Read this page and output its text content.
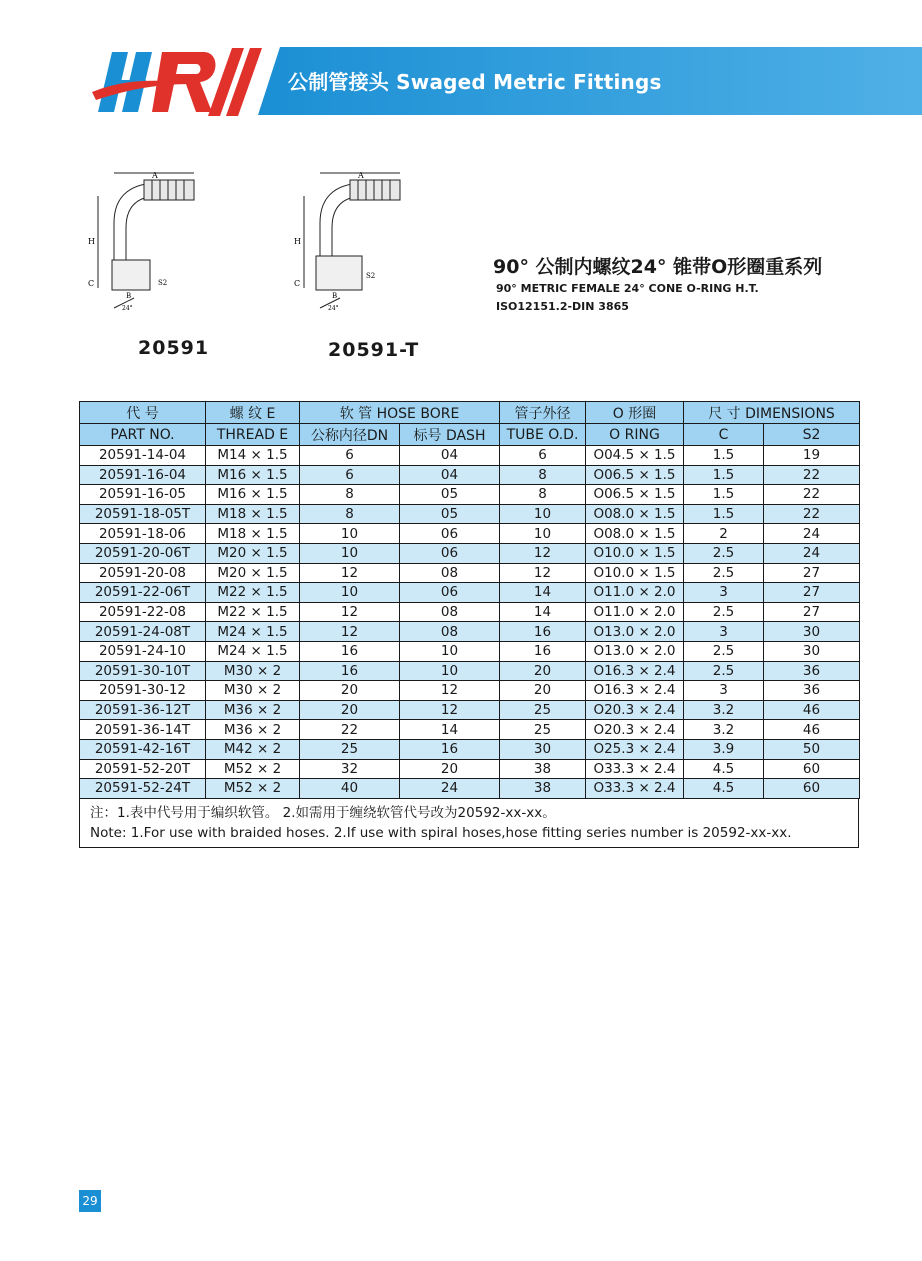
公制管接头 Swaged Metric Fittings
A
H
C
B
S2
24°
A
H
C
B
S2
24°
20591	20591-T
90° 公制内螺纹24° 锥带O形圈重系列
90° METRIC FEMALE 24° CONE O-RING H.T.
ISO12151.2-DIN 3865
代 号	螺 纹 E	软 管 HOSE BORE		管子外径	O 形圈	尺 寸 DIMENSIONS	
PART NO.	THREAD E	公称内径DN	标号 DASH	TUBE O.D.	O RING	C	S2
20591-14-04	M14 × 1.5	6	04	6	O04.5 × 1.5	1.5	19
20591-16-04	M16 × 1.5	6	04	8	O06.5 × 1.5	1.5	22
20591-16-05	M16 × 1.5	8	05	8	O06.5 × 1.5	1.5	22
20591-18-05T	M18 × 1.5	8	05	10	O08.0 × 1.5	1.5	22
20591-18-06	M18 × 1.5	10	06	10	O08.0 × 1.5	2	24
20591-20-06T	M20 × 1.5	10	06	12	O10.0 × 1.5	2.5	24
20591-20-08	M20 × 1.5	12	08	12	O10.0 × 1.5	2.5	27
20591-22-06T	M22 × 1.5	10	06	14	O11.0 × 2.0	3	27
20591-22-08	M22 × 1.5	12	08	14	O11.0 × 2.0	2.5	27
20591-24-08T	M24 × 1.5	12	08	16	O13.0 × 2.0	3	30
20591-24-10	M24 × 1.5	16	10	16	O13.0 × 2.0	2.5	30
20591-30-10T	M30 × 2	16	10	20	O16.3 × 2.4	2.5	36
20591-30-12	M30 × 2	20	12	20	O16.3 × 2.4	3	36
20591-36-12T	M36 × 2	20	12	25	O20.3 × 2.4	3.2	46
20591-36-14T	M36 × 2	22	14	25	O20.3 × 2.4	3.2	46
20591-42-16T	M42 × 2	25	16	30	O25.3 × 2.4	3.9	50
20591-52-20T	M52 × 2	32	20	38	O33.3 × 2.4	4.5	60
20591-52-24T	M52 × 2	40	24	38	O33.3 × 2.4	4.5	60
注：1.表中代号用于编织软管。 2.如需用于缠绕软管代号改为20592-xx-xx。
Note: 1.For use with braided hoses. 2.If use with spiral hoses,hose fitting series number is 20592-xx-xx.
29
